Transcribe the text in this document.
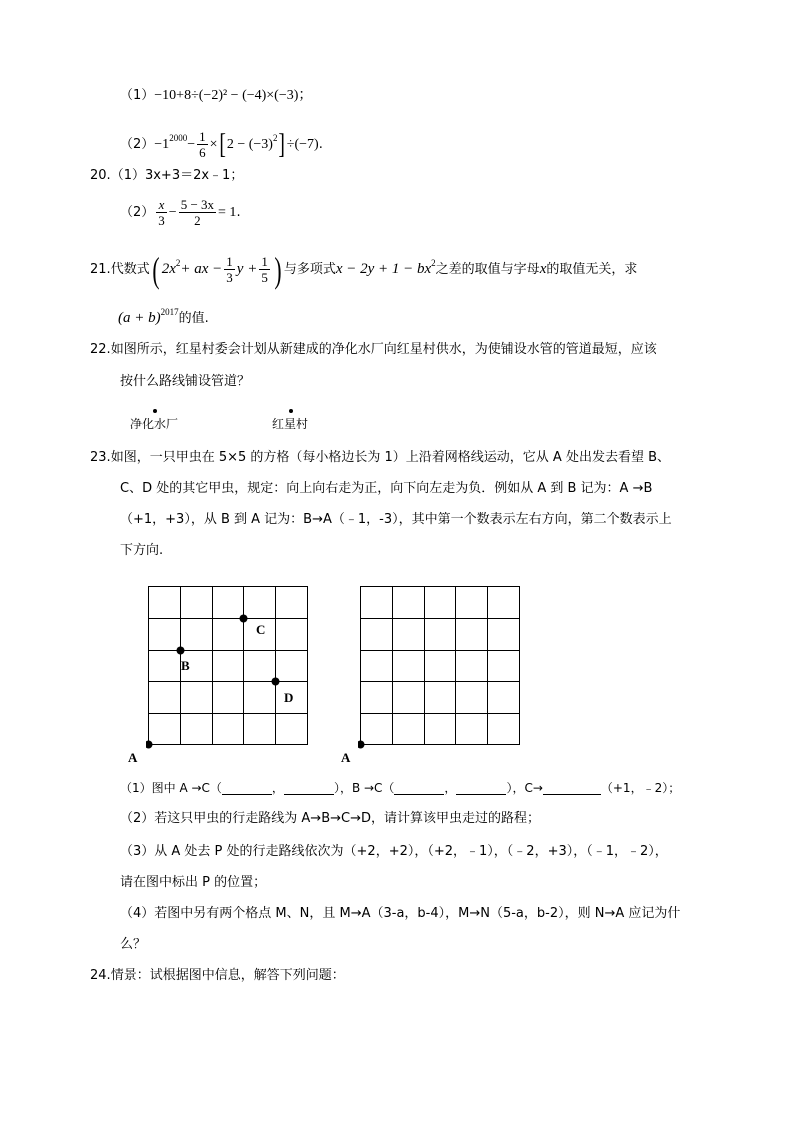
（1）−10+8÷(−2)² − (−4)×(−3)；
$(2)-1^{2000}- \frac{1}{6} \times[2 - (-3)^2]\div(-7)$.
20.（1）3x+3＝2x﹣1；
$(2) \frac{x}{3} - \frac{5 - 3x}{2} = 1$.
21.代数式( $2x^2+$ ax − $\frac{1}{3}$ $y + \frac{1}{5}$ ) 与多项式$x - 2y + 1 - bx^2$之差的取值与字母x的取值无关，求
$(a + b)^{2017}$的值.
22.如图所示，红星村委会计划从新建成的净化水厂向红星村供水，为使铺设水管的管道最短，应该
按什么路线铺设管道？
净化水厂	红星村
23.如图，一只甲虫在 5×5 的方格（每小格边长为 1）上沿着网格线运动，它从 A 处出发去看望 B、
C、D 处的其它甲虫，规定：向上向右走为正，向下向左走为负．例如从 A 到 B 记为：A →B
（+1，+3），从 B 到 A 记为：B→A（﹣1，-3），其中第一个数表示左右方向，第二个数表示上
下方向.
A
B
C
D
A
（1）图中 A →C（	，	），B →C（	，	），C→	（+1，﹣2）；
（2）若这只甲虫的行走路线为 A→B→C→D，请计算该甲虫走过的路程；
（3）从 A 处去 P 处的行走路线依次为（+2，+2），（+2，﹣1），（﹣2，+3），（﹣1，﹣2），
请在图中标出 P 的位置；
（4）若图中另有两个格点 M、N，且 M→A（3-a，b-4），M→N（5-a，b-2），则 N→A 应记为什
么？
24.情景：试根据图中信息，解答下列问题：
